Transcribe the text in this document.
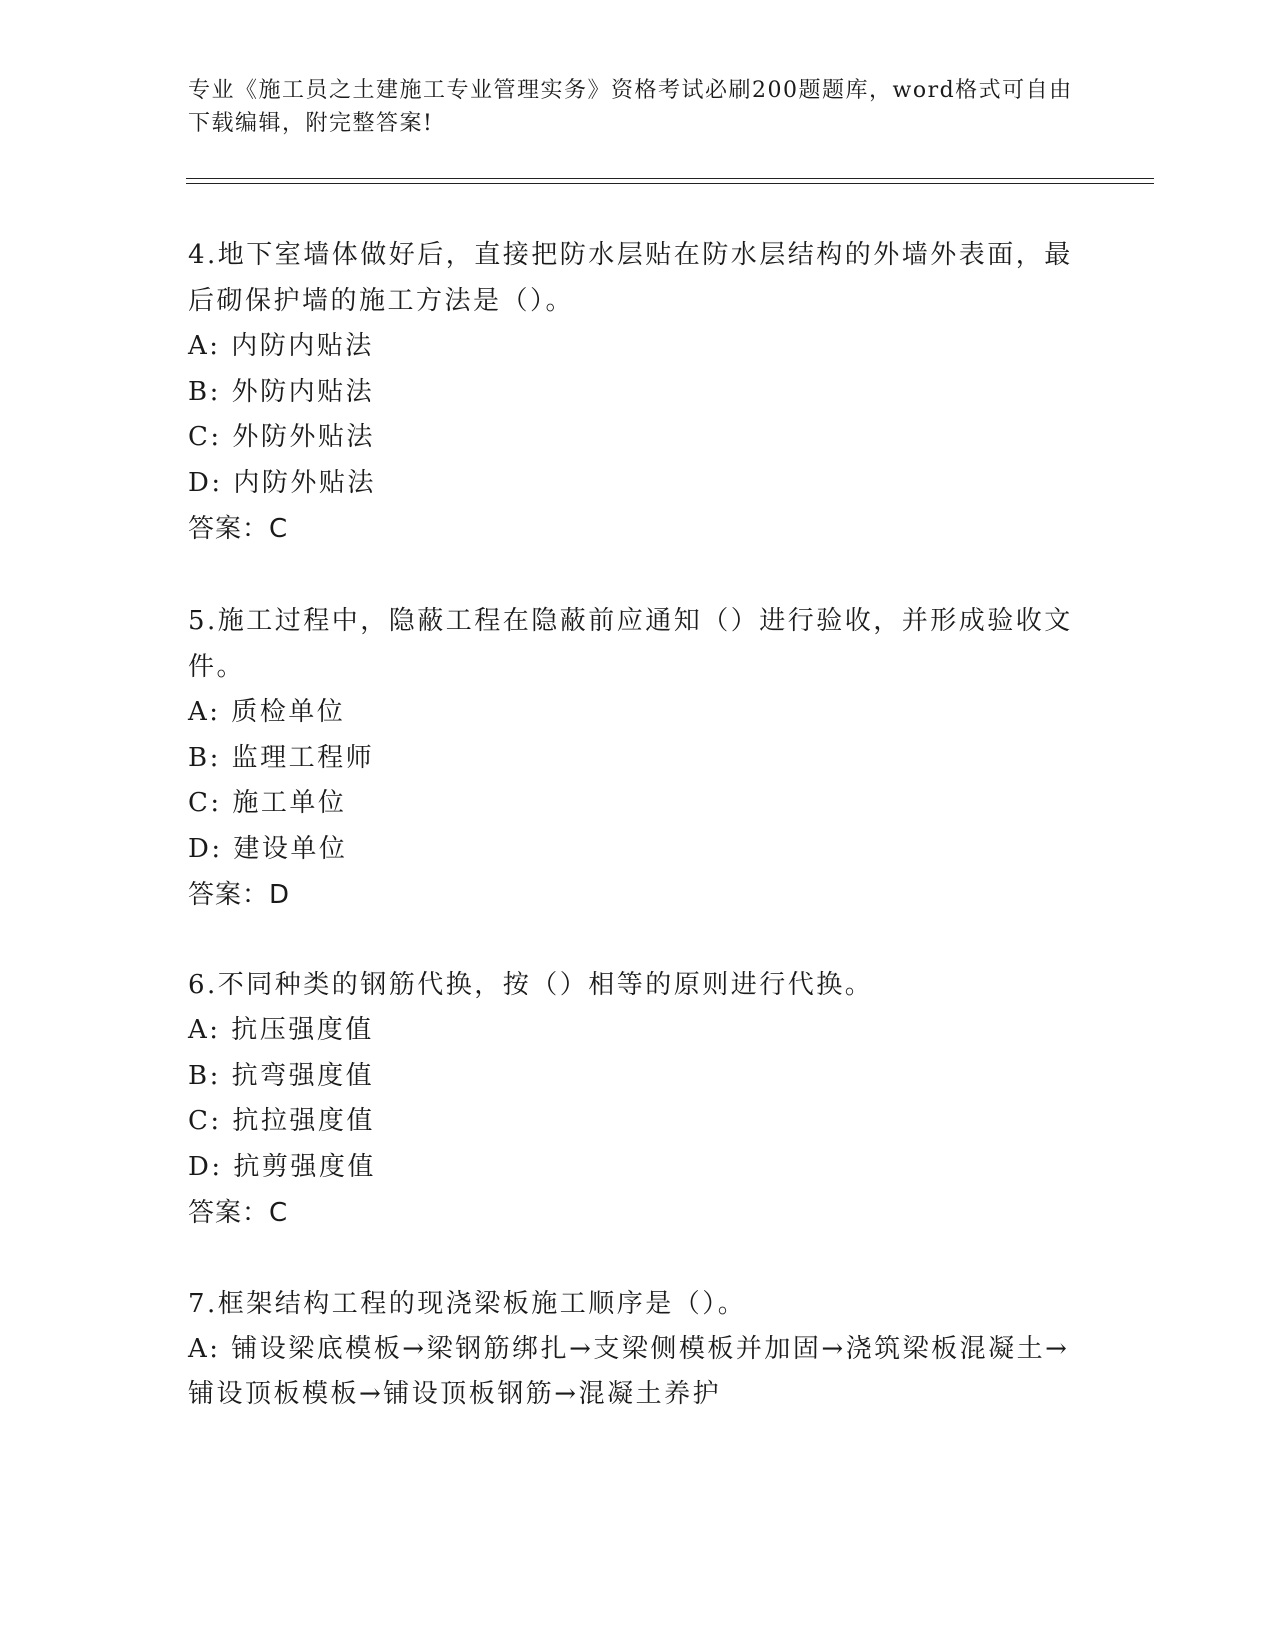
专业《施工员之土建施工专业管理实务》资格考试必刷200题题库，word格式可自由下载编辑，附完整答案!
4.地下室墙体做好后，直接把防水层贴在防水层结构的外墙外表面，最后砌保护墙的施工方法是（）。
A: 内防内贴法
B: 外防内贴法
C: 外防外贴法
D: 内防外贴法
答案：C
5.施工过程中，隐蔽工程在隐蔽前应通知（）进行验收，并形成验收文件。
A: 质检单位
B: 监理工程师
C: 施工单位
D: 建设单位
答案：D
6.不同种类的钢筋代换，按（）相等的原则进行代换。
A: 抗压强度值
B: 抗弯强度值
C: 抗拉强度值
D: 抗剪强度值
答案：C
7.框架结构工程的现浇梁板施工顺序是（）。
A: 铺设梁底模板→梁钢筋绑扎→支梁侧模板并加固→浇筑梁板混凝土→铺设顶板模板→铺设顶板钢筋→混凝土养护
